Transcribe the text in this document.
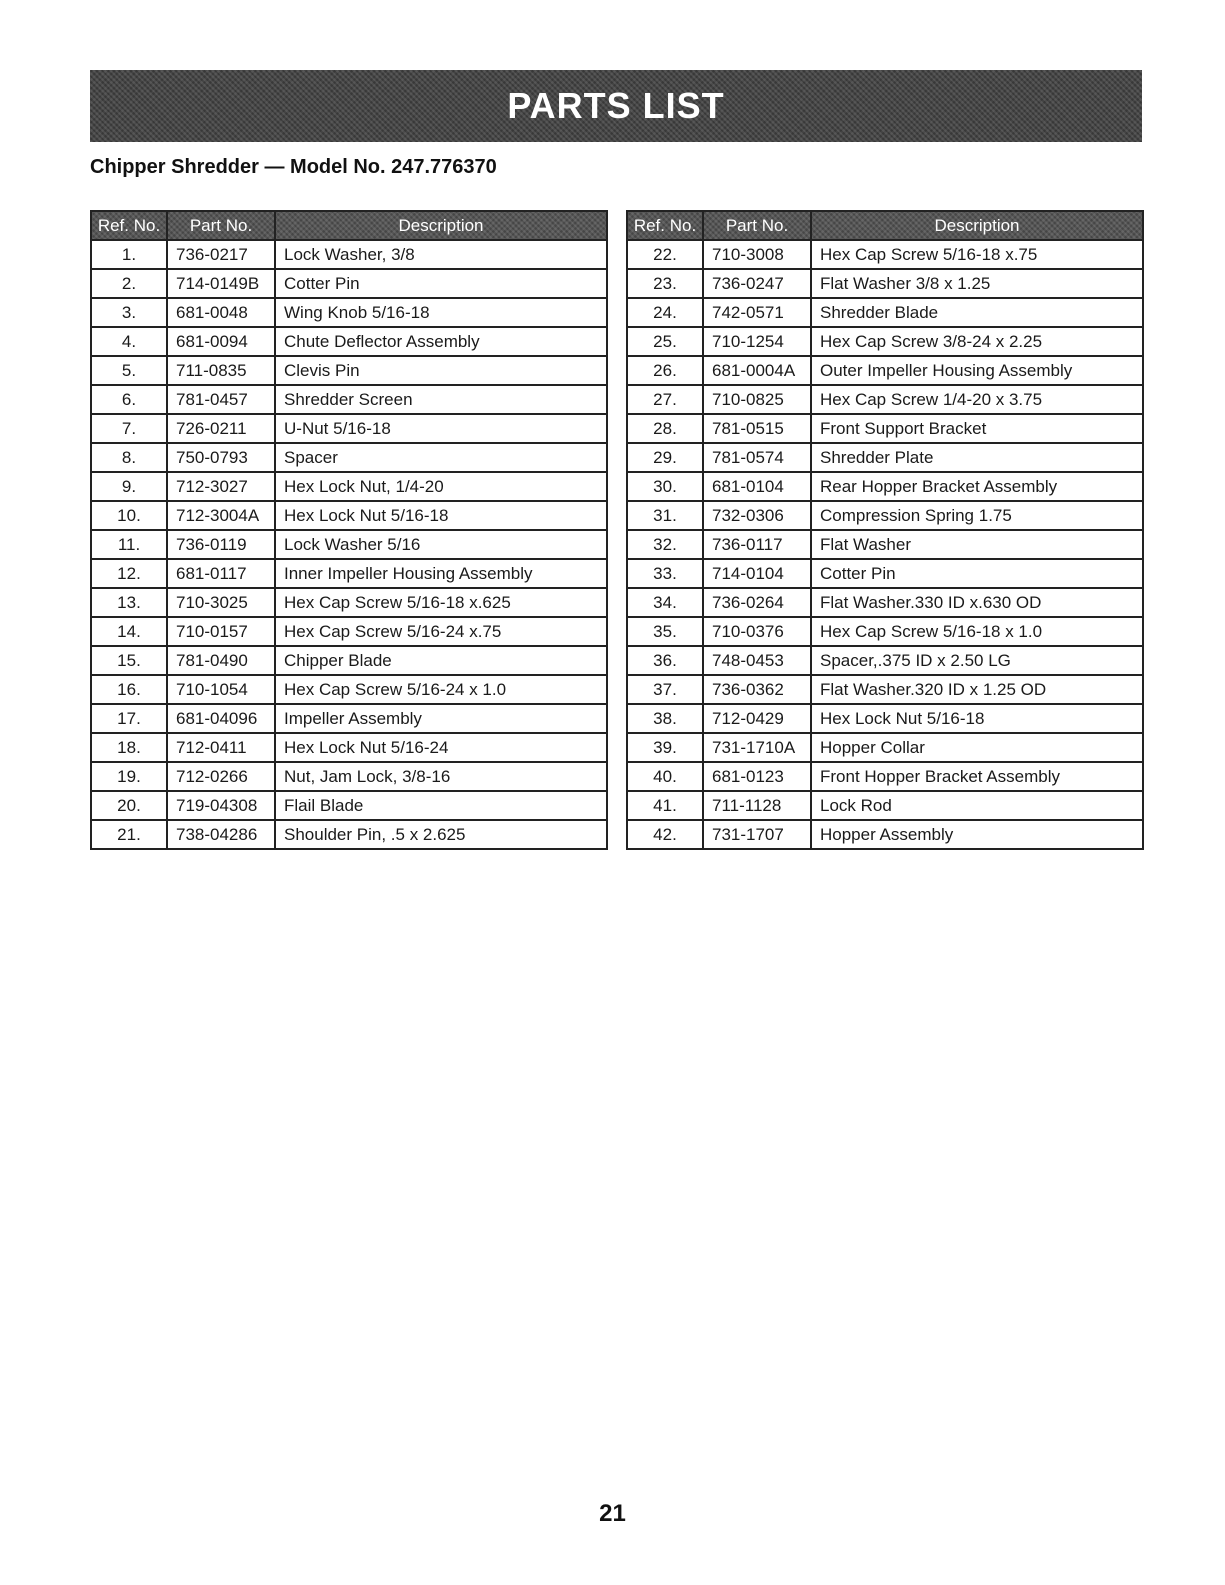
PARTS LIST
Chipper Shredder — Model No. 247.776370
Ref. No.	Part No.	Description
1.	736-0217	Lock Washer, 3/8
2.	714-0149B	Cotter Pin
3.	681-0048	Wing Knob 5/16-18
4.	681-0094	Chute Deflector Assembly
5.	711-0835	Clevis Pin
6.	781-0457	Shredder Screen
7.	726-0211	U-Nut 5/16-18
8.	750-0793	Spacer
9.	712-3027	Hex Lock Nut, 1/4-20
10.	712-3004A	Hex Lock Nut 5/16-18
11.	736-0119	Lock Washer 5/16
12.	681-0117	Inner Impeller Housing Assembly
13.	710-3025	Hex Cap Screw 5/16-18 x.625
14.	710-0157	Hex Cap Screw 5/16-24 x.75
15.	781-0490	Chipper Blade
16.	710-1054	Hex Cap Screw 5/16-24 x 1.0
17.	681-04096	Impeller Assembly
18.	712-0411	Hex Lock Nut 5/16-24
19.	712-0266	Nut, Jam Lock, 3/8-16
20.	719-04308	Flail Blade
21.	738-04286	Shoulder Pin, .5 x 2.625
Ref. No.	Part No.	Description
22.	710-3008	Hex Cap Screw 5/16-18 x.75
23.	736-0247	Flat Washer 3/8 x 1.25
24.	742-0571	Shredder Blade
25.	710-1254	Hex Cap Screw 3/8-24 x 2.25
26.	681-0004A	Outer Impeller Housing Assembly
27.	710-0825	Hex Cap Screw 1/4-20 x 3.75
28.	781-0515	Front Support Bracket
29.	781-0574	Shredder Plate
30.	681-0104	Rear Hopper Bracket Assembly
31.	732-0306	Compression Spring 1.75
32.	736-0117	Flat Washer
33.	714-0104	Cotter Pin
34.	736-0264	Flat Washer.330 ID x.630 OD
35.	710-0376	Hex Cap Screw 5/16-18 x 1.0
36.	748-0453	Spacer,.375 ID x 2.50 LG
37.	736-0362	Flat Washer.320 ID x 1.25 OD
38.	712-0429	Hex Lock Nut 5/16-18
39.	731-1710A	Hopper Collar
40.	681-0123	Front Hopper Bracket Assembly
41.	711-1128	Lock Rod
42.	731-1707	Hopper Assembly
21
